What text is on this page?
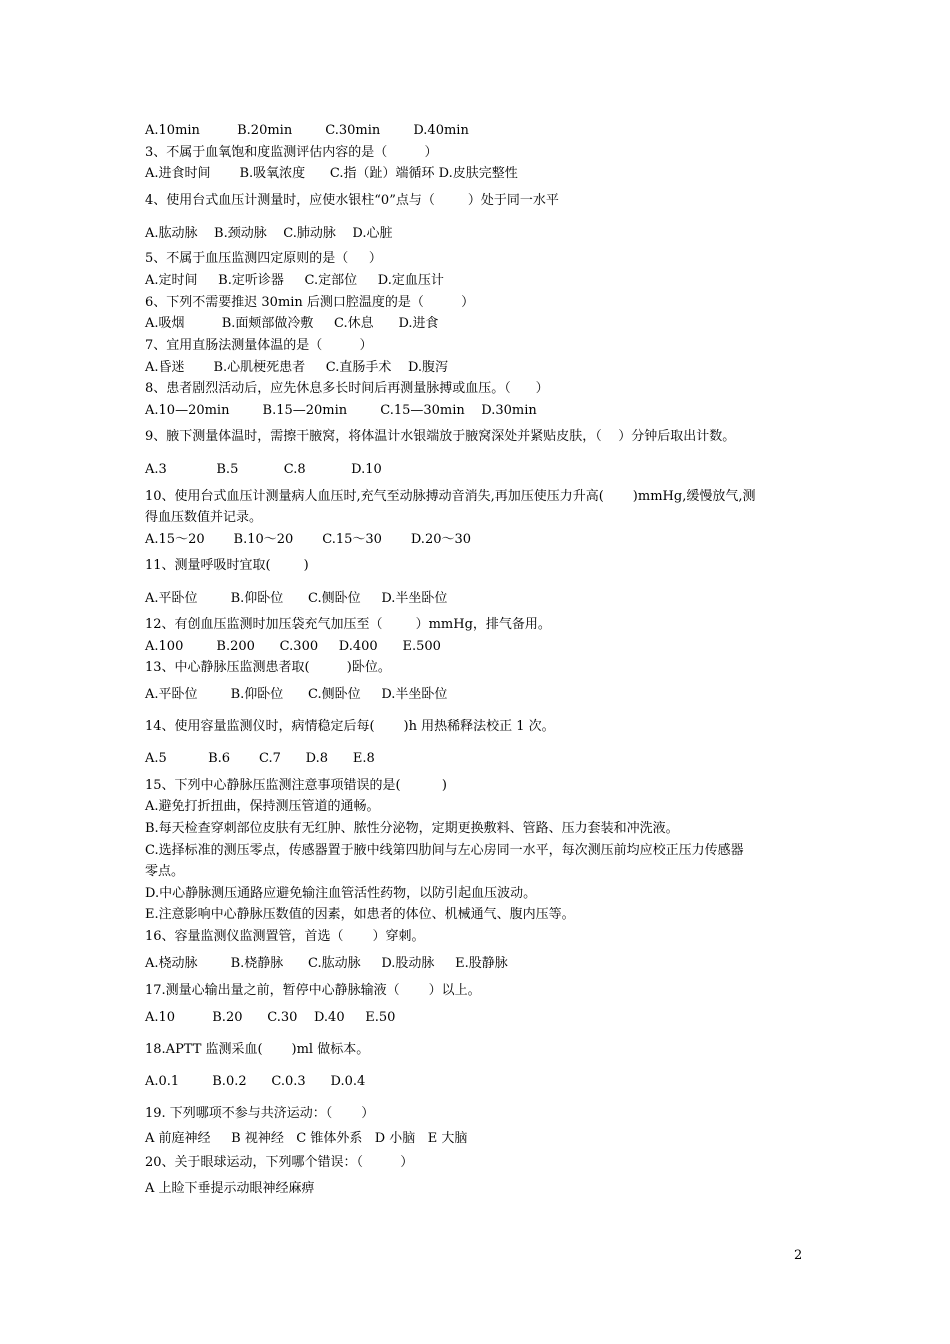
A.10min         B.20min        C.30min        D.40min
3、不属于血氧饱和度监测评估内容的是（         ）
A.进食时间       B.吸氧浓度      C.指（趾）端循环 D.皮肤完整性
4、使用台式血压计测量时，应使水银柱“0”点与（        ）处于同一水平
A.肱动脉    B.颈动脉    C.肺动脉    D.心脏
5、不属于血压监测四定原则的是（     ）
A.定时间     B.定听诊器     C.定部位     D.定血压计
6、下列不需要推迟 30min 后测口腔温度的是（         ）
A.吸烟         B.面颊部做冷敷     C.休息      D.进食
7、宜用直肠法测量体温的是（         ）
A.昏迷       B.心肌梗死患者     C.直肠手术    D.腹泻
8、患者剧烈活动后，应先休息多长时间后再测量脉搏或血压。（      ）
A.10—20min        B.15—20min        C.15—30min    D.30min
9、腋下测量体温时，需擦干腋窝，将体温计水银端放于腋窝深处并紧贴皮肤，（    ）分钟后取出计数。
A.3            B.5           C.8           D.10
10、使用台式血压计测量病人血压时,充气至动脉搏动音消失,再加压使压力升高(       )mmHg,缓慢放气,测
得血压数值并记录。
A.15～20       B.10～20       C.15～30       D.20～30
11、测量呼吸时宜取(        )
A.平卧位        B.仰卧位      C.侧卧位     D.半坐卧位
12、有创血压监测时加压袋充气加压至（        ）mmHg，排气备用。
A.100        B.200      C.300     D.400      E.500
13、中心静脉压监测患者取(         )卧位。
A.平卧位        B.仰卧位      C.侧卧位     D.半坐卧位
14、使用容量监测仪时，病情稳定后每(       )h 用热稀释法校正 1 次。
A.5          B.6       C.7      D.8      E.8
15、下列中心静脉压监测注意事项错误的是(          )
A.避免打折扭曲，保持测压管道的通畅。
B.每天检查穿刺部位皮肤有无红肿、脓性分泌物，定期更换敷料、管路、压力套装和冲洗液。
C.选择标准的测压零点，传感器置于腋中线第四肋间与左心房同一水平，每次测压前均应校正压力传感器
零点。
D.中心静脉测压通路应避免输注血管活性药物，以防引起血压波动。
E.注意影响中心静脉压数值的因素，如患者的体位、机械通气、腹内压等。
16、容量监测仪监测置管，首选（       ）穿刺。
A.桡动脉        B.桡静脉      C.肱动脉     D.股动脉     E.股静脉
17.测量心输出量之前，暂停中心静脉输液（       ）以上。
A.10         B.20      C.30    D.40     E.50
18.APTT 监测采血(       )ml 做标本。
A.0.1        B.0.2      C.0.3      D.0.4
19. 下列哪项不参与共济运动：（       ）
A 前庭神经     B 视神经   C 锥体外系   D 小脑   E 大脑
20、关于眼球运动，下列哪个错误：（         ）
A 上睑下垂提示动眼神经麻痹
2
